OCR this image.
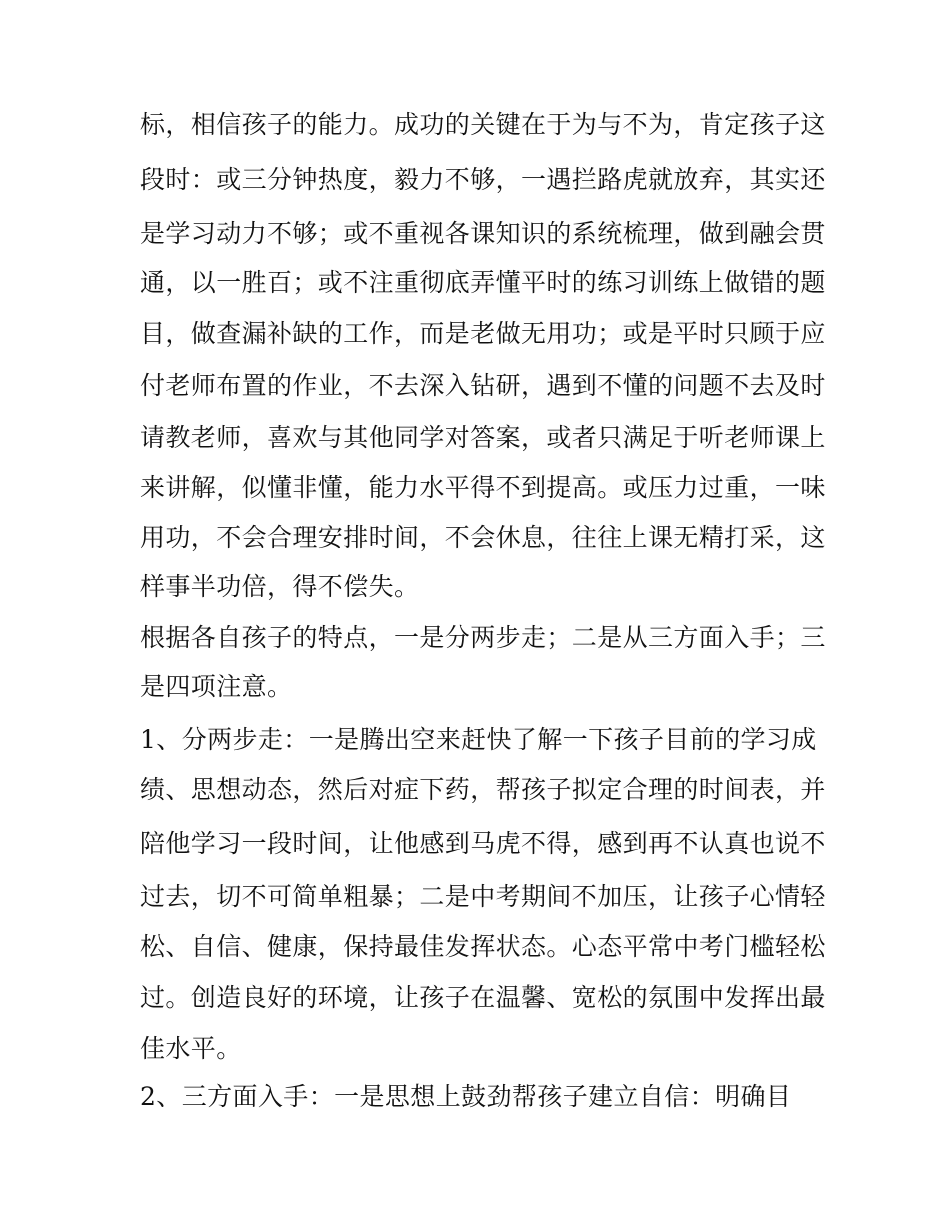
标，相信孩子的能力。成功的关键在于为与不为，肯定孩子这
段时：或三分钟热度，毅力不够，一遇拦路虎就放弃，其实还
是学习动力不够；或不重视各课知识的系统梳理，做到融会贯
通，以一胜百；或不注重彻底弄懂平时的练习训练上做错的题
目，做查漏补缺的工作，而是老做无用功；或是平时只顾于应
付老师布置的作业，不去深入钻研，遇到不懂的问题不去及时
请教老师，喜欢与其他同学对答案，或者只满足于听老师课上
来讲解，似懂非懂，能力水平得不到提高。或压力过重，一味
用功，不会合理安排时间，不会休息，往往上课无精打采，这
样事半功倍，得不偿失。
根据各自孩子的特点，一是分两步走；二是从三方面入手；三
是四项注意。
1、分两步走：一是腾出空来赶快了解一下孩子目前的学习成
绩、思想动态，然后对症下药，帮孩子拟定合理的时间表，并
陪他学习一段时间，让他感到马虎不得，感到再不认真也说不
过去，切不可简单粗暴；二是中考期间不加压，让孩子心情轻
松、自信、健康，保持最佳发挥状态。心态平常中考门槛轻松
过。创造良好的环境，让孩子在温馨、宽松的氛围中发挥出最
佳水平。
2、三方面入手：一是思想上鼓劲帮孩子建立自信：明确目
